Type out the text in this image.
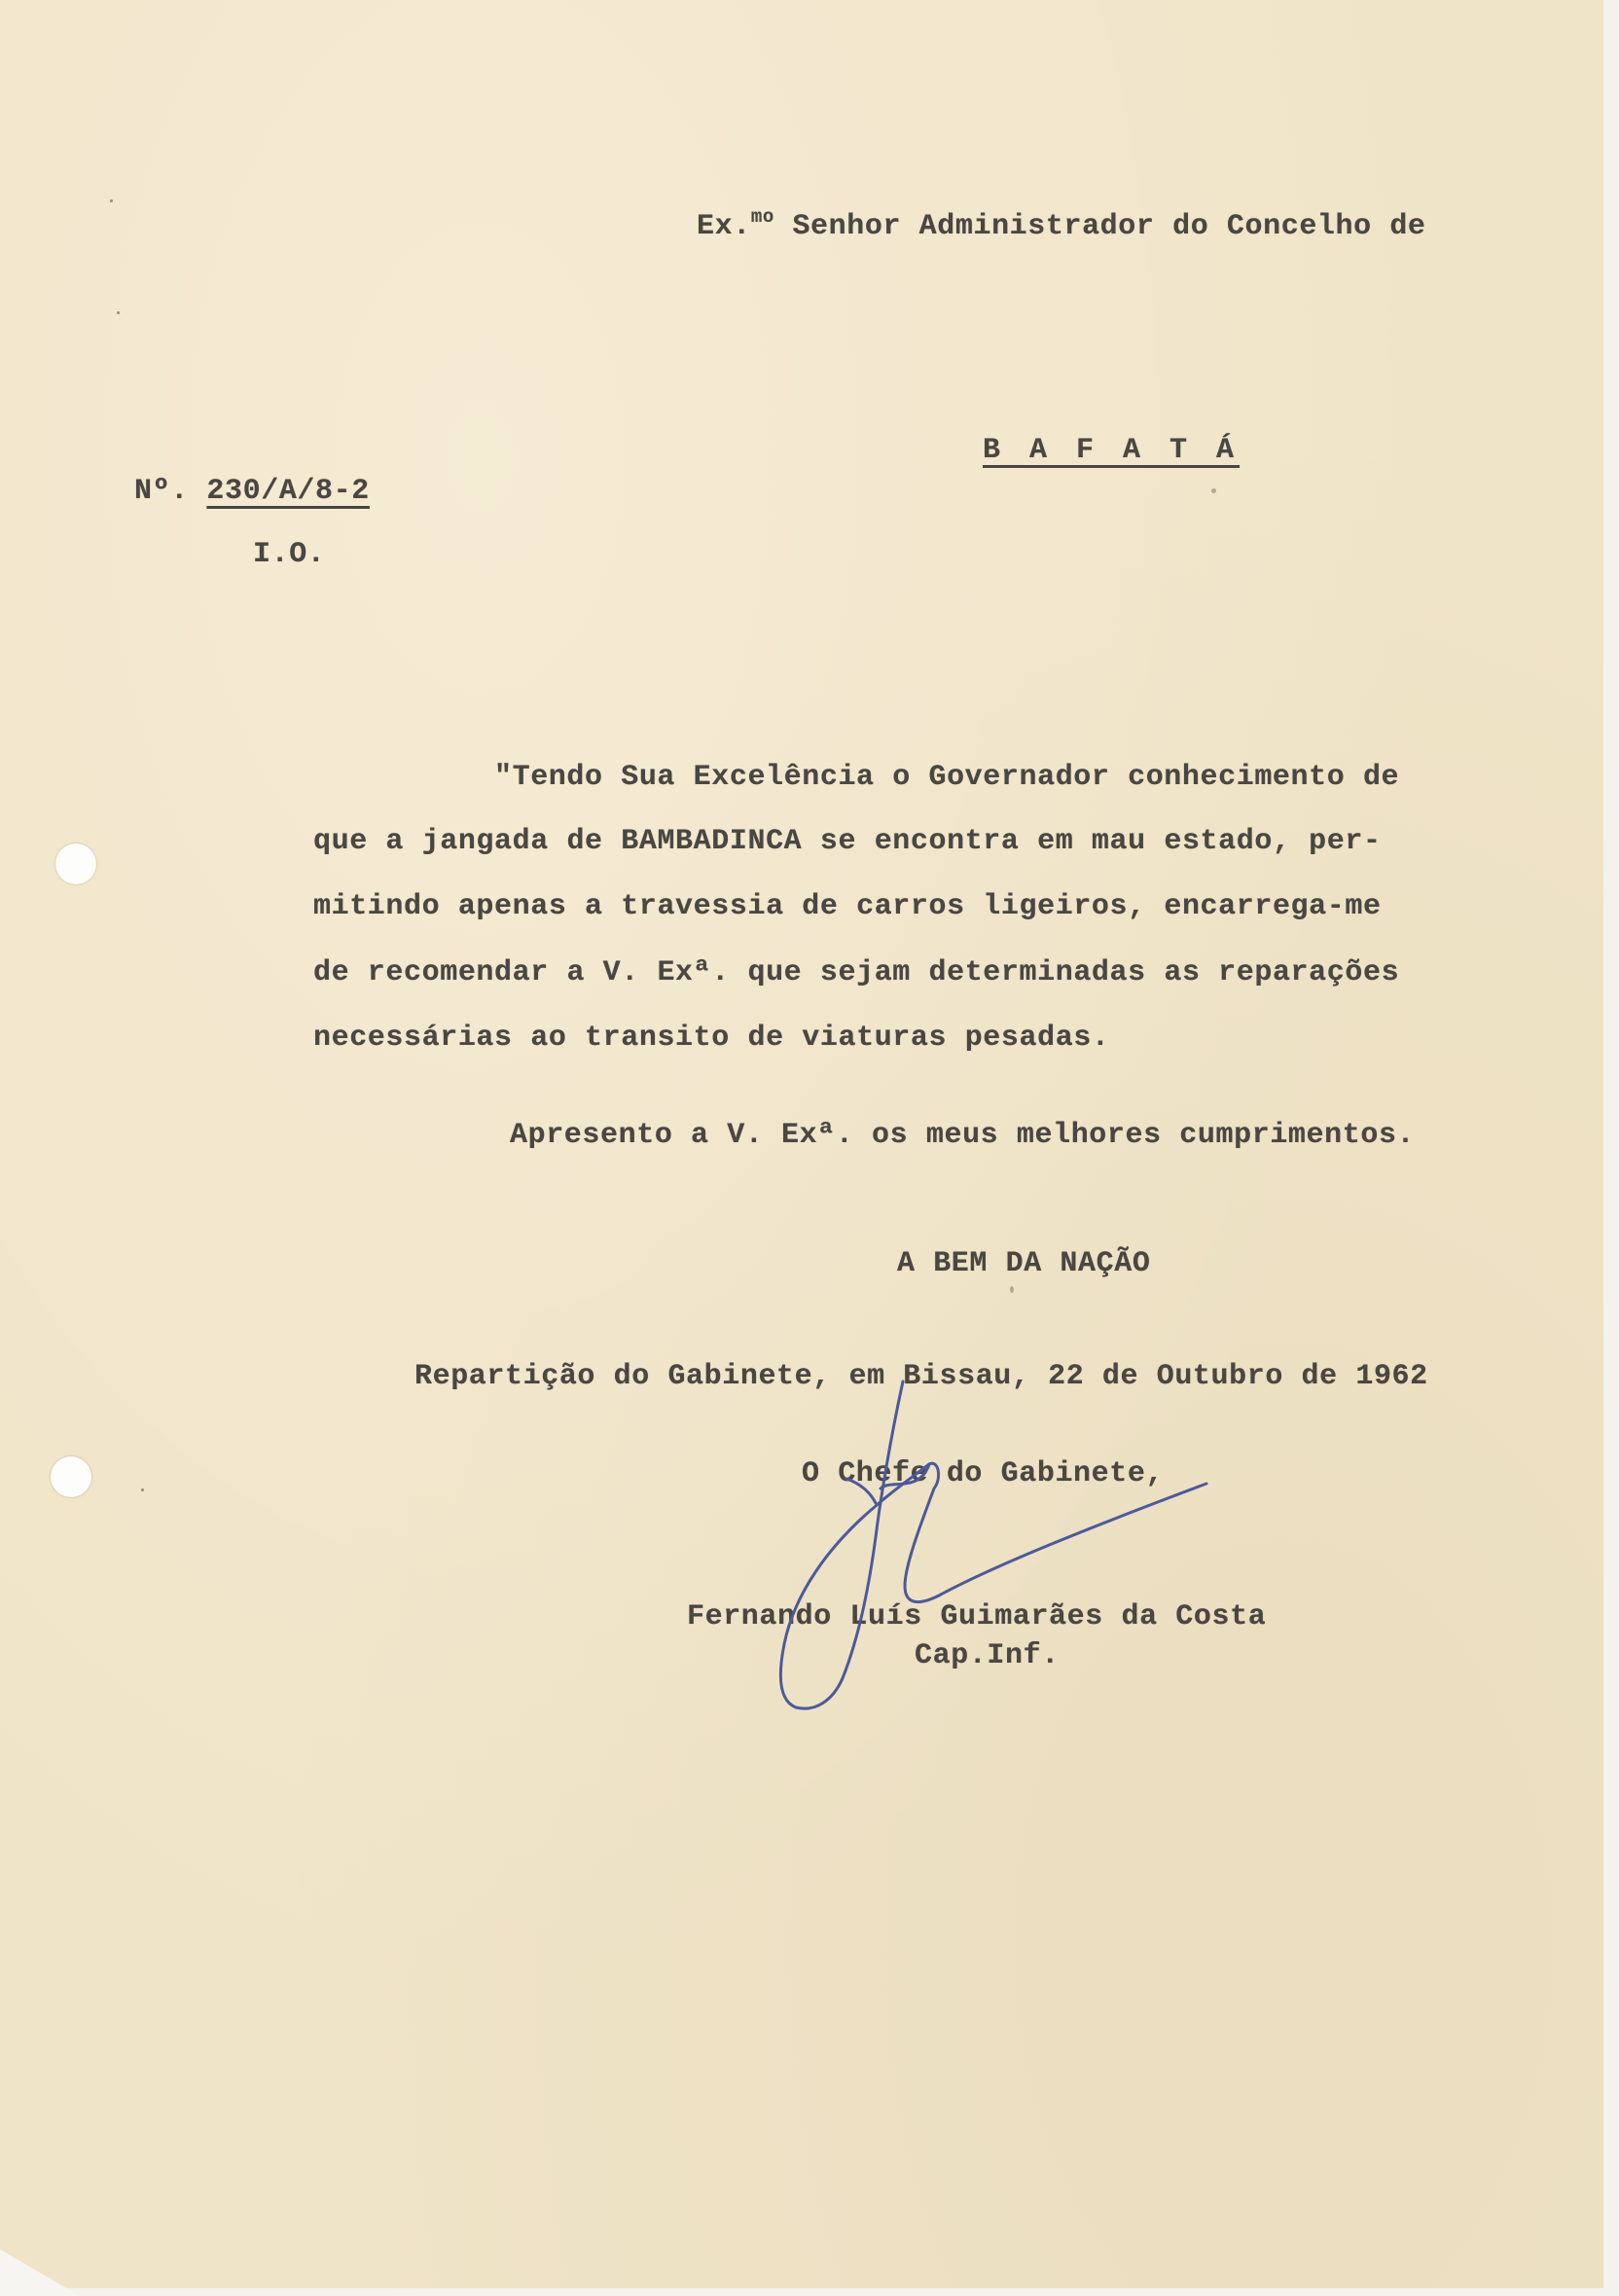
Ex.$^{mo}$ Senhor Administrador do Concelho de
B A F A T Á
Nº. 230/A/8-2
I.O.
"Tendo Sua Excelência o Governador conhecimento de
que a jangada de BAMBADINCA se encontra em mau estado, per-
mitindo apenas a travessia de carros ligeiros, encarrega-me
de recomendar a V. Exª. que sejam determinadas as reparações
necessárias ao transito de viaturas pesadas.
Apresento a V. Exª. os meus melhores cumprimentos.
A BEM DA NAÇÃO
Repartição do Gabinete, em Bissau, 22 de Outubro de 1962
O Chefe do Gabinete,
Fernando Luís Guimarães da Costa
Cap.Inf.
